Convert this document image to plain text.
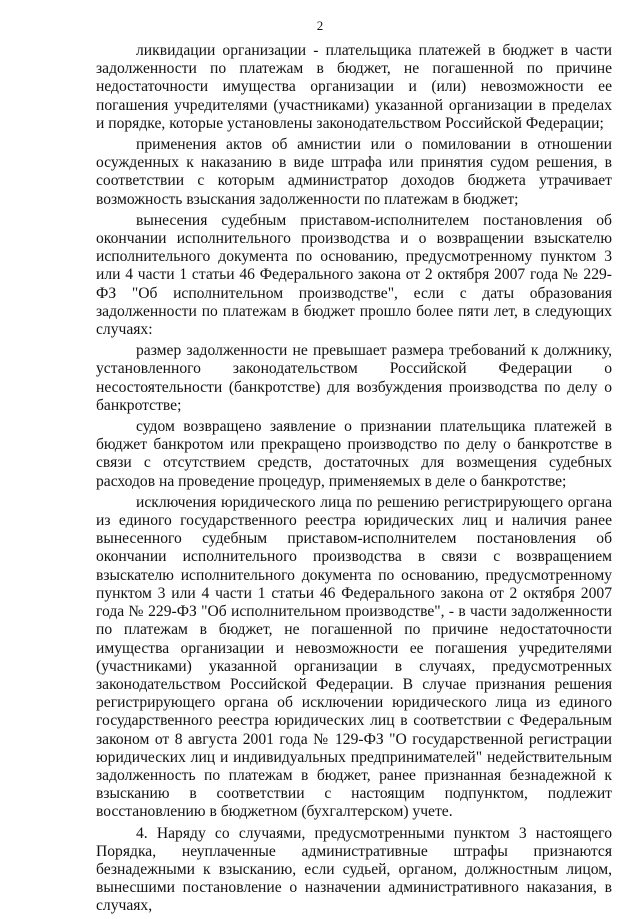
2

ликвидации организации - плательщика платежей в бюджет в части задолженности по платежам в бюджет, не погашенной по причине недостаточности имущества организации и (или) невозможности ее погашения учредителями (участниками) указанной организации в пределах и порядке, которые установлены законодательством Российской Федерации;

применения актов об амнистии или о помиловании в отношении осужденных к наказанию в виде штрафа или принятия судом решения, в соответствии с которым администратор доходов бюджета утрачивает возможность взыскания задолженности по платежам в бюджет;

вынесения судебным приставом-исполнителем постановления об окончании исполнительного производства и о возвращении взыскателю исполнительного документа по основанию, предусмотренному пунктом 3 или 4 части 1 статьи 46 Федерального закона от 2 октября 2007 года № 229-ФЗ "Об исполнительном производстве", если с даты образования задолженности по платежам в бюджет прошло более пяти лет, в следующих случаях:

размер задолженности не превышает размера требований к должнику, установленного законодательством Российской Федерации о несостоятельности (банкротстве) для возбуждения производства по делу о банкротстве;

судом возвращено заявление о признании плательщика платежей в бюджет банкротом или прекращено производство по делу о банкротстве в связи с отсутствием средств, достаточных для возмещения судебных расходов на проведение процедур, применяемых в деле о банкротстве;

исключения юридического лица по решению регистрирующего органа из единого государственного реестра юридических лиц и наличия ранее вынесенного судебным приставом-исполнителем постановления об окончании исполнительного производства в связи с возвращением взыскателю исполнительного документа по основанию, предусмотренному пунктом 3 или 4 части 1 статьи 46 Федерального закона от 2 октября 2007 года № 229-ФЗ "Об исполнительном производстве", - в части задолженности по платежам в бюджет, не погашенной по причине недостаточности имущества организации и невозможности ее погашения учредителями (участниками) указанной организации в случаях, предусмотренных законодательством Российской Федерации. В случае признания решения регистрирующего органа об исключении юридического лица из единого государственного реестра юридических лиц в соответствии с Федеральным законом от 8 августа 2001 года № 129-ФЗ "О государственной регистрации юридических лиц и индивидуальных предпринимателей" недействительным задолженность по платежам в бюджет, ранее признанная безнадежной к взысканию в соответствии с настоящим подпунктом, подлежит восстановлению в бюджетном (бухгалтерском) учете.

4. Наряду со случаями, предусмотренными пунктом 3 настоящего Порядка, неуплаченные административные штрафы признаются безнадежными к взысканию, если судьей, органом, должностным лицом, вынесшими постановление о назначении административного наказания, в случаях,
